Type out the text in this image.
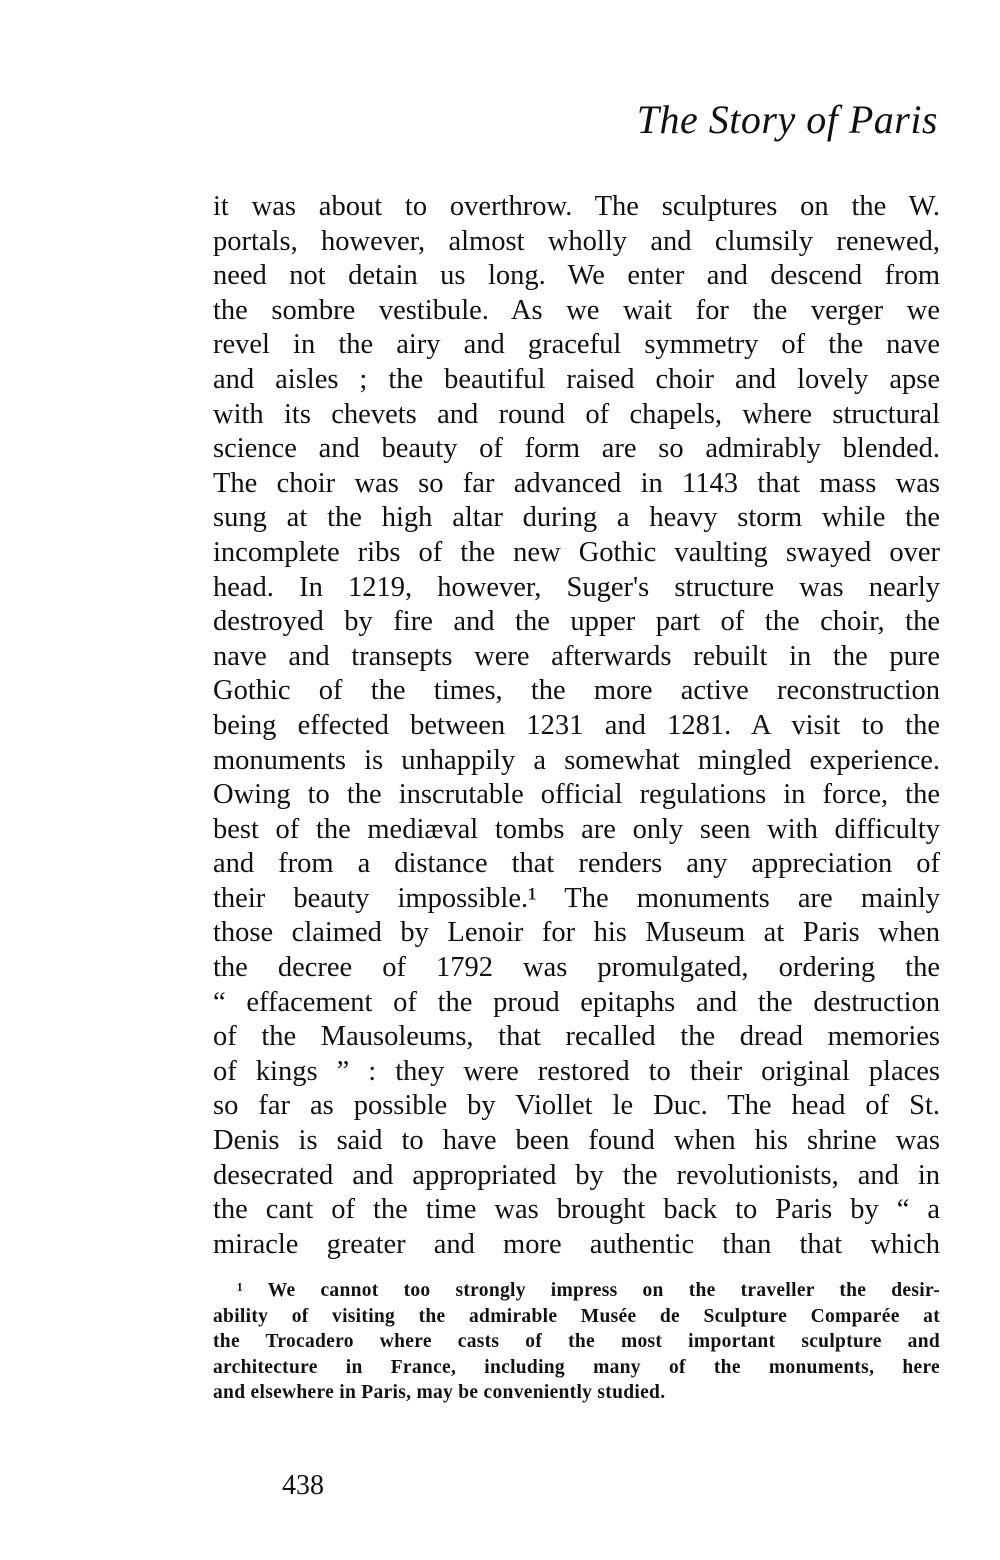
The Story of Paris
it was about to overthrow. The sculptures on the W.
portals, however, almost wholly and clumsily renewed,
need not detain us long. We enter and descend from
the sombre vestibule. As we wait for the verger we
revel in the airy and graceful symmetry of the nave
and aisles ; the beautiful raised choir and lovely apse
with its chevets and round of chapels, where structural
science and beauty of form are so admirably blended.
The choir was so far advanced in 1143 that mass was
sung at the high altar during a heavy storm while the
incomplete ribs of the new Gothic vaulting swayed over
head. In 1219, however, Suger's structure was nearly
destroyed by fire and the upper part of the choir, the
nave and transepts were afterwards rebuilt in the pure
Gothic of the times, the more active reconstruction
being effected between 1231 and 1281. A visit to the
monuments is unhappily a somewhat mingled experience.
Owing to the inscrutable official regulations in force, the
best of the mediæval tombs are only seen with difficulty
and from a distance that renders any appreciation of
their beauty impossible.¹ The monuments are mainly
those claimed by Lenoir for his Museum at Paris when
the decree of 1792 was promulgated, ordering the
“ effacement of the proud epitaphs and the destruction
of the Mausoleums, that recalled the dread memories
of kings ” : they were restored to their original places
so far as possible by Viollet le Duc. The head of St.
Denis is said to have been found when his shrine was
desecrated and appropriated by the revolutionists, and in
the cant of the time was brought back to Paris by “ a
miracle greater and more authentic than that which
¹ We cannot too strongly impress on the traveller the desir-
ability of visiting the admirable Musée de Sculpture Comparée at
the Trocadero where casts of the most important sculpture and
architecture in France, including many of the monuments, here
and elsewhere in Paris, may be conveniently studied.
438
